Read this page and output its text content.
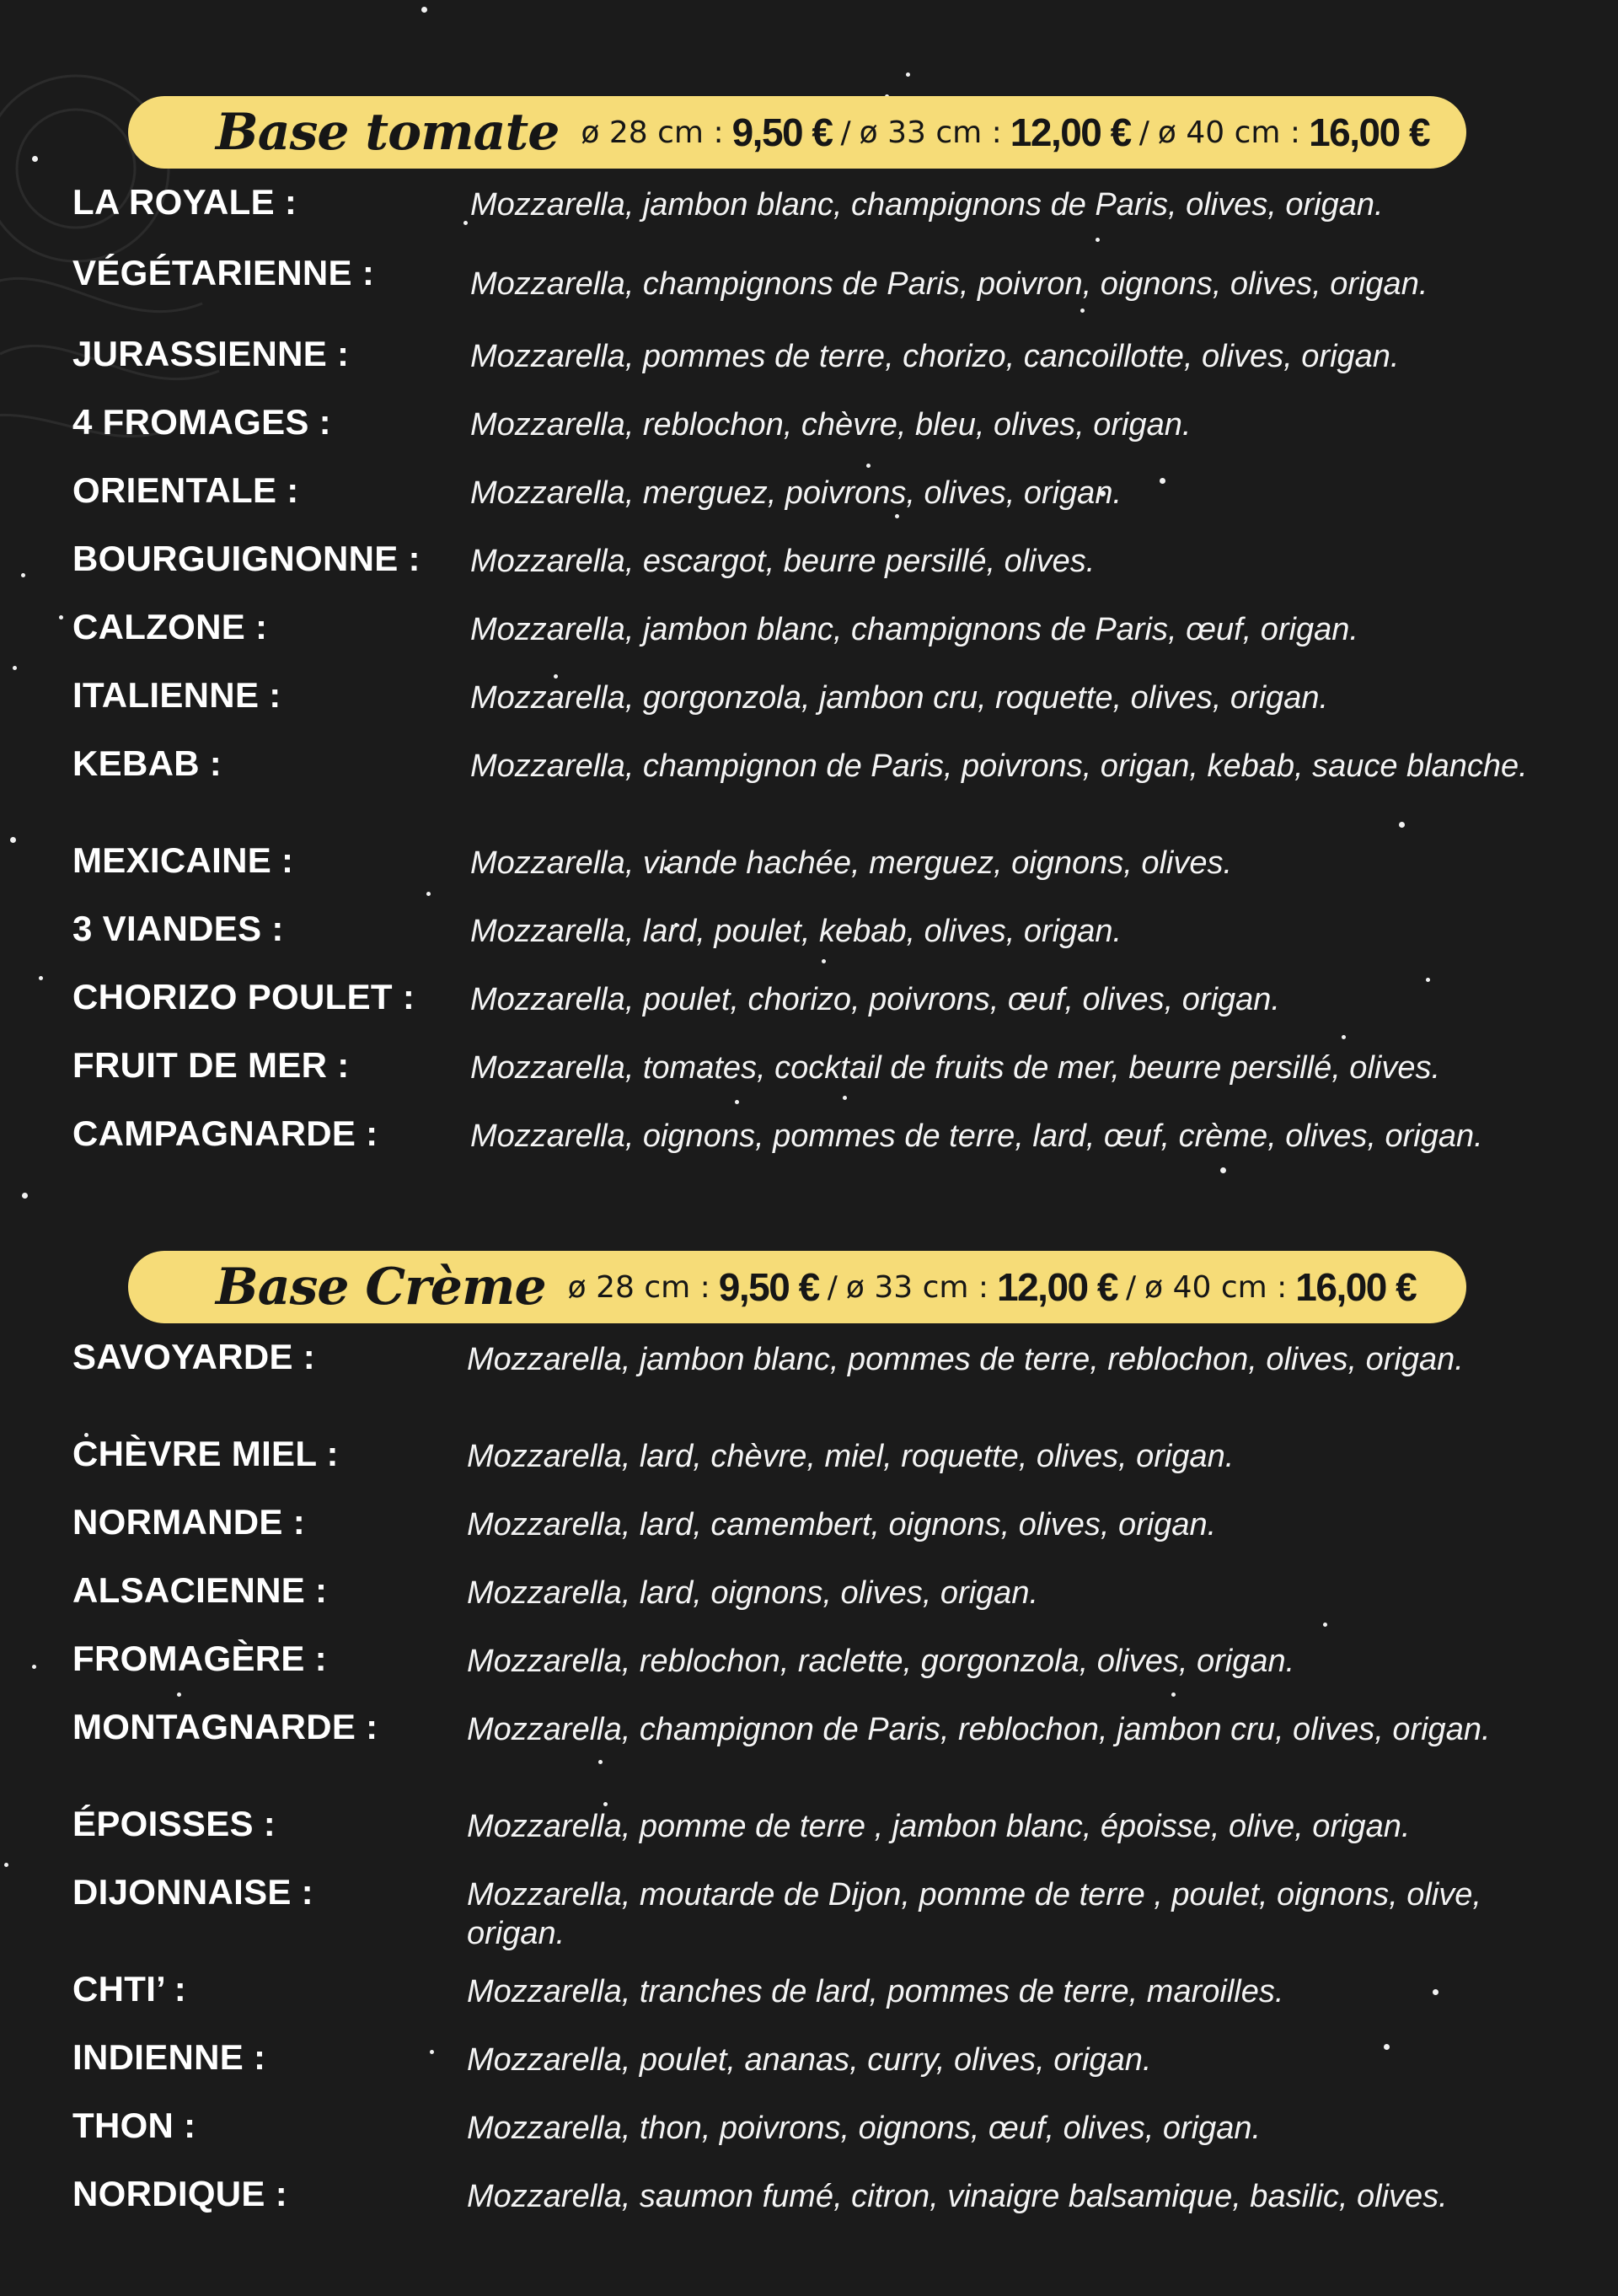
Base tomate ø 28 cm : 9,50 € / ø 33 cm : 12,00 € / ø 40 cm : 16,00 €
LA ROYALE :	Mozzarella, jambon blanc, champignons de Paris, olives, origan.
VÉGÉTARIENNE :	Mozzarella, champignons de Paris, poivron, oignons, olives, origan.
JURASSIENNE :	Mozzarella, pommes de terre, chorizo, cancoillotte, olives, origan.
4 FROMAGES :	Mozzarella, reblochon, chèvre, bleu, olives, origan.
ORIENTALE :	Mozzarella, merguez, poivrons, olives, origan.
BOURGUIGNONNE : Mozzarella, escargot, beurre persillé, olives.
CALZONE :	Mozzarella, jambon blanc, champignons de Paris, œuf, origan.
ITALIENNE :	Mozzarella, gorgonzola, jambon cru, roquette, olives, origan.
KEBAB :	Mozzarella, champignon de Paris, poivrons, origan, kebab, sauce blanche.
MEXICAINE :	Mozzarella, viande hachée, merguez, oignons, olives.
3 VIANDES :	Mozzarella, lard, poulet, kebab, olives, origan.
CHORIZO POULET : Mozzarella, poulet, chorizo, poivrons, œuf, olives, origan.
FRUIT DE MER :	Mozzarella, tomates, cocktail de fruits de mer, beurre persillé, olives.
CAMPAGNARDE :	Mozzarella, oignons, pommes de terre, lard, œuf, crème, olives, origan.
Base Crème ø 28 cm : 9,50 € / ø 33 cm : 12,00 € / ø 40 cm : 16,00 €
SAVOYARDE :	Mozzarella, jambon blanc, pommes de terre, reblochon, olives, origan.
CHÈVRE MIEL :	Mozzarella, lard, chèvre, miel, roquette, olives, origan.
NORMANDE :	Mozzarella, lard, camembert, oignons, olives, origan.
ALSACIENNE :	Mozzarella, lard, oignons, olives, origan.
FROMAGÈRE :	Mozzarella, reblochon, raclette, gorgonzola, olives, origan.
MONTAGNARDE :	Mozzarella, champignon de Paris, reblochon, jambon cru, olives, origan.
ÉPOISSES :	Mozzarella, pomme de terre , jambon blanc, époisse, olive, origan.
DIJONNAISE :	Mozzarella, moutarde de Dijon, pomme de terre , poulet, oignons, olive, origan.
CHTI’ :	Mozzarella, tranches de lard, pommes de terre, maroilles.
INDIENNE :	Mozzarella, poulet, ananas, curry, olives, origan.
THON :	Mozzarella, thon, poivrons, oignons, œuf, olives, origan.
NORDIQUE :	Mozzarella, saumon fumé, citron, vinaigre balsamique, basilic, olives.
